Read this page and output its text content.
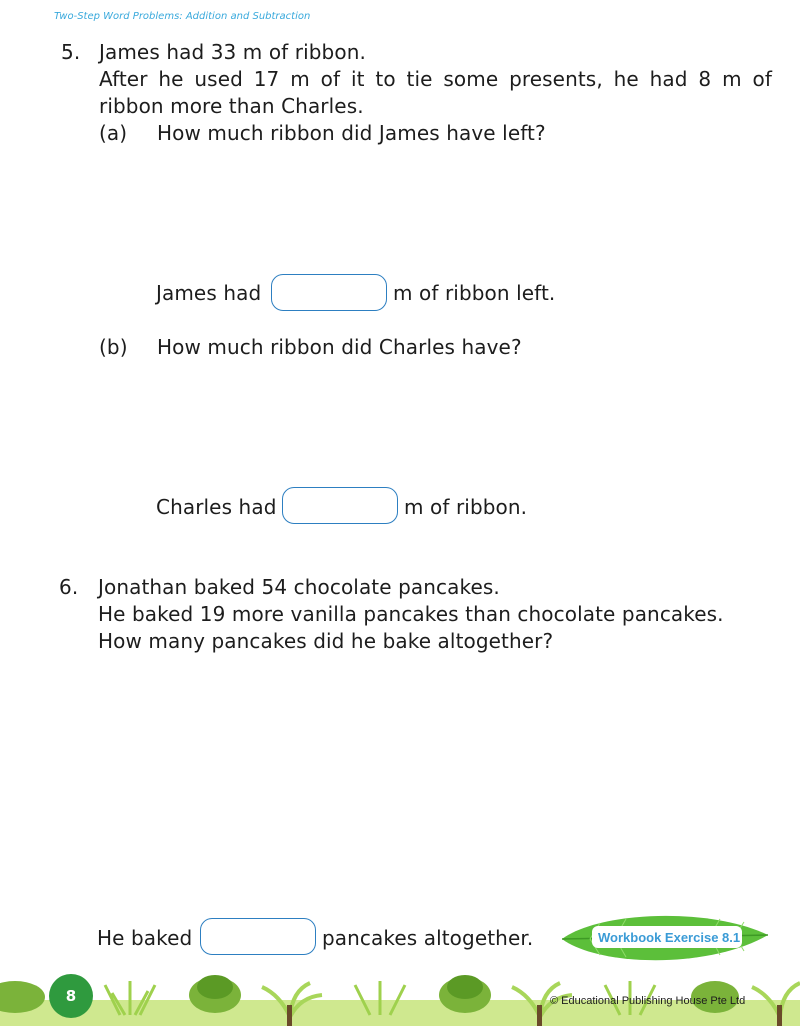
Two-Step Word Problems: Addition and Subtraction
5. James had 33 m of ribbon.
After he used 17 m of it to tie some presents, he had 8 m of
ribbon more than Charles.
(a) How much ribbon did James have left?
James had	m of ribbon left.
(b) How much ribbon did Charles have?
Charles had	m of ribbon.
6. Jonathan baked 54 chocolate pancakes.
He baked 19 more vanilla pancakes than chocolate pancakes.
How many pancakes did he bake altogether?
He baked	pancakes altogether.	Workbook Exercise 8.1
8	© Educational Publishing House Pte Ltd
